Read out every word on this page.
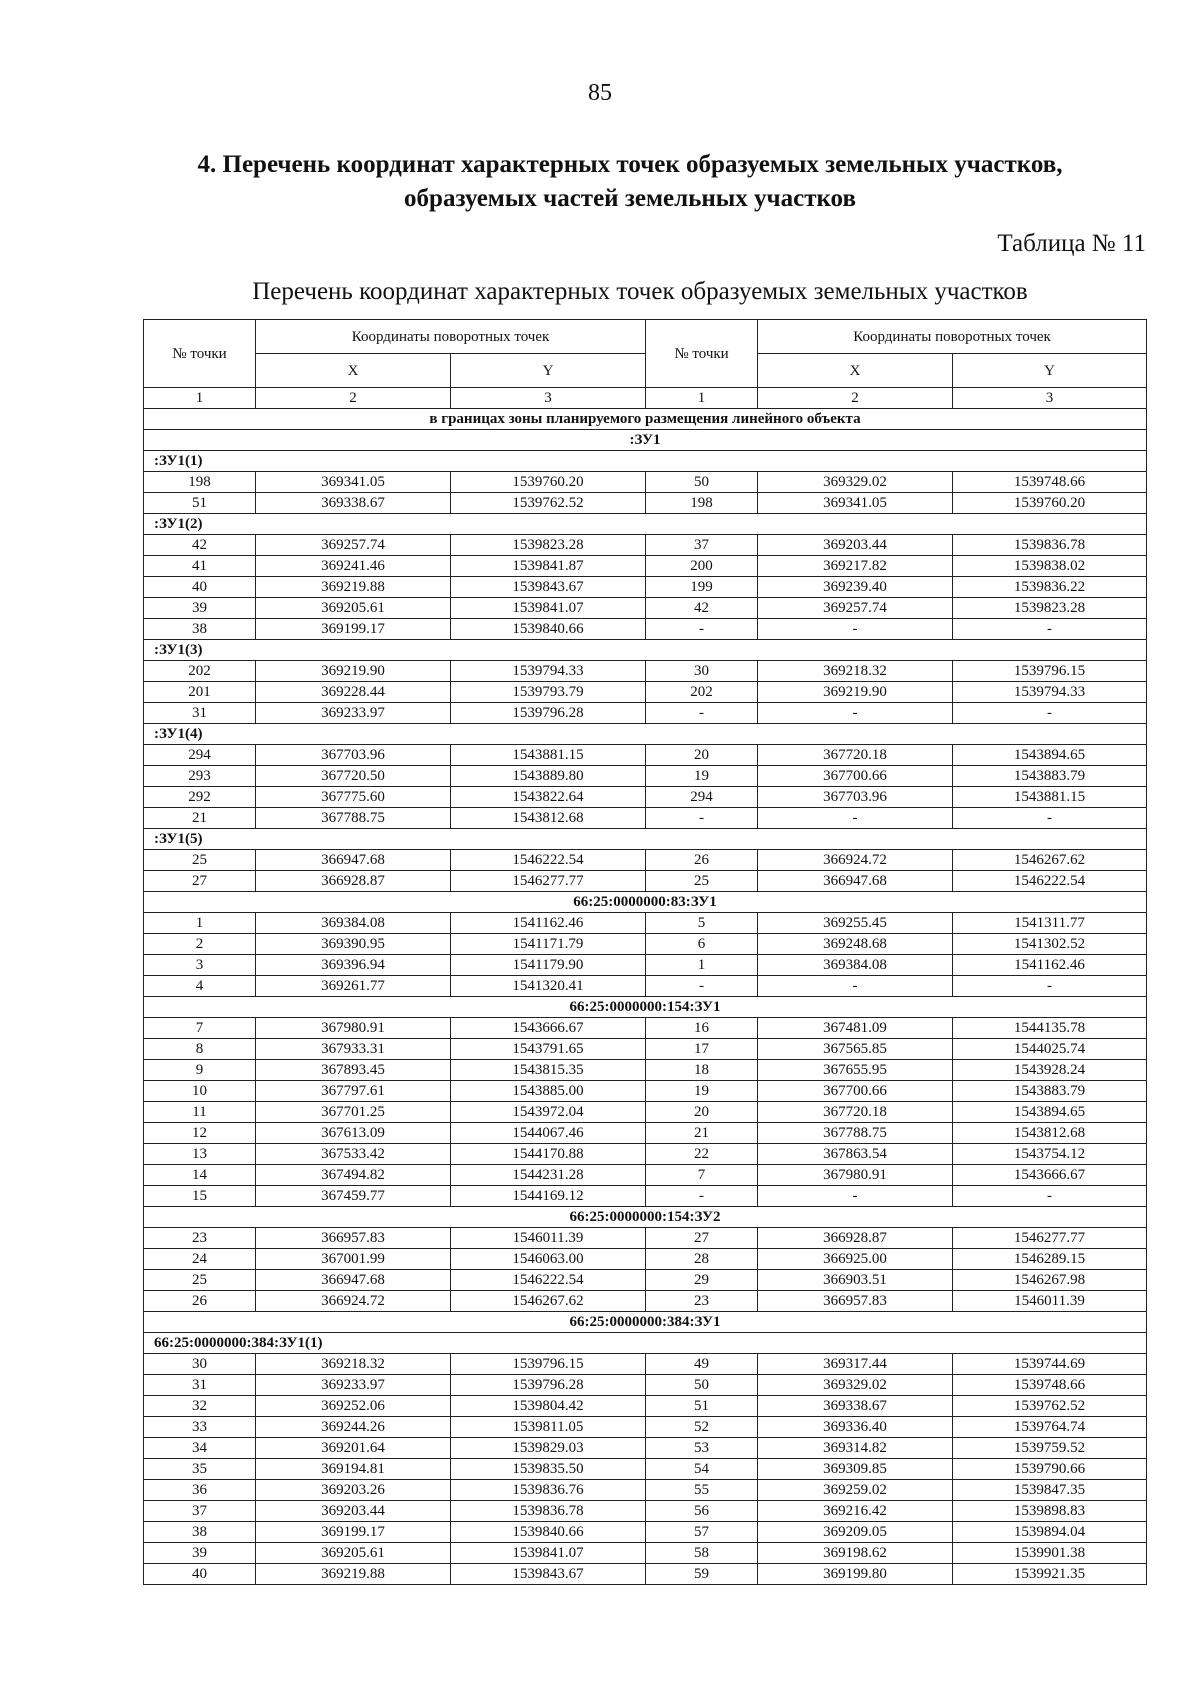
85
4. Перечень координат характерных точек образуемых земельных участков,
образуемых частей земельных участков
Таблица № 11
Перечень координат характерных точек образуемых земельных участков
№ точки	Координаты поворотных точек		№ точки	Координаты поворотных точек	
	X	Y		X	Y
1	2	3	1	2	3
в границах зоны планируемого размещения линейного объекта					
:ЗУ1					
:ЗУ1(1)					
198	369341.05	1539760.20	50	369329.02	1539748.66
51	369338.67	1539762.52	198	369341.05	1539760.20
:ЗУ1(2)					
42	369257.74	1539823.28	37	369203.44	1539836.78
41	369241.46	1539841.87	200	369217.82	1539838.02
40	369219.88	1539843.67	199	369239.40	1539836.22
39	369205.61	1539841.07	42	369257.74	1539823.28
38	369199.17	1539840.66	-	-	-
:ЗУ1(3)					
202	369219.90	1539794.33	30	369218.32	1539796.15
201	369228.44	1539793.79	202	369219.90	1539794.33
31	369233.97	1539796.28	-	-	-
:ЗУ1(4)					
294	367703.96	1543881.15	20	367720.18	1543894.65
293	367720.50	1543889.80	19	367700.66	1543883.79
292	367775.60	1543822.64	294	367703.96	1543881.15
21	367788.75	1543812.68	-	-	-
:ЗУ1(5)					
25	366947.68	1546222.54	26	366924.72	1546267.62
27	366928.87	1546277.77	25	366947.68	1546222.54
66:25:0000000:83:ЗУ1					
1	369384.08	1541162.46	5	369255.45	1541311.77
2	369390.95	1541171.79	6	369248.68	1541302.52
3	369396.94	1541179.90	1	369384.08	1541162.46
4	369261.77	1541320.41	-	-	-
66:25:0000000:154:ЗУ1					
7	367980.91	1543666.67	16	367481.09	1544135.78
8	367933.31	1543791.65	17	367565.85	1544025.74
9	367893.45	1543815.35	18	367655.95	1543928.24
10	367797.61	1543885.00	19	367700.66	1543883.79
11	367701.25	1543972.04	20	367720.18	1543894.65
12	367613.09	1544067.46	21	367788.75	1543812.68
13	367533.42	1544170.88	22	367863.54	1543754.12
14	367494.82	1544231.28	7	367980.91	1543666.67
15	367459.77	1544169.12	-	-	-
66:25:0000000:154:ЗУ2					
23	366957.83	1546011.39	27	366928.87	1546277.77
24	367001.99	1546063.00	28	366925.00	1546289.15
25	366947.68	1546222.54	29	366903.51	1546267.98
26	366924.72	1546267.62	23	366957.83	1546011.39
66:25:0000000:384:ЗУ1					
66:25:0000000:384:ЗУ1(1)					
30	369218.32	1539796.15	49	369317.44	1539744.69
31	369233.97	1539796.28	50	369329.02	1539748.66
32	369252.06	1539804.42	51	369338.67	1539762.52
33	369244.26	1539811.05	52	369336.40	1539764.74
34	369201.64	1539829.03	53	369314.82	1539759.52
35	369194.81	1539835.50	54	369309.85	1539790.66
36	369203.26	1539836.76	55	369259.02	1539847.35
37	369203.44	1539836.78	56	369216.42	1539898.83
38	369199.17	1539840.66	57	369209.05	1539894.04
39	369205.61	1539841.07	58	369198.62	1539901.38
40	369219.88	1539843.67	59	369199.80	1539921.35
